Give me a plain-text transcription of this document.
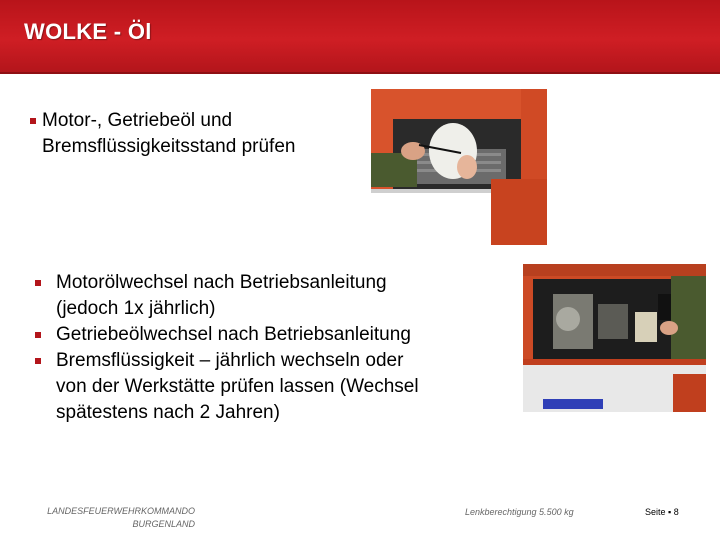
WOLKE - Öl
Motor-, Getriebeöl und
Bremsflüssigkeitsstand prüfen
Motorölwechsel nach Betriebsanleitung
(jedoch 1x jährlich)
Getriebeölwechsel nach Betriebsanleitung
Bremsflüssigkeit – jährlich wechseln oder
von der Werkstätte prüfen lassen (Wechsel
spätestens nach 2 Jahren)
LANDESFEUERWEHRKOMMANDO
BURGENLAND
Lenkberechtigung 5.500 kg	Seite ▪ 8
